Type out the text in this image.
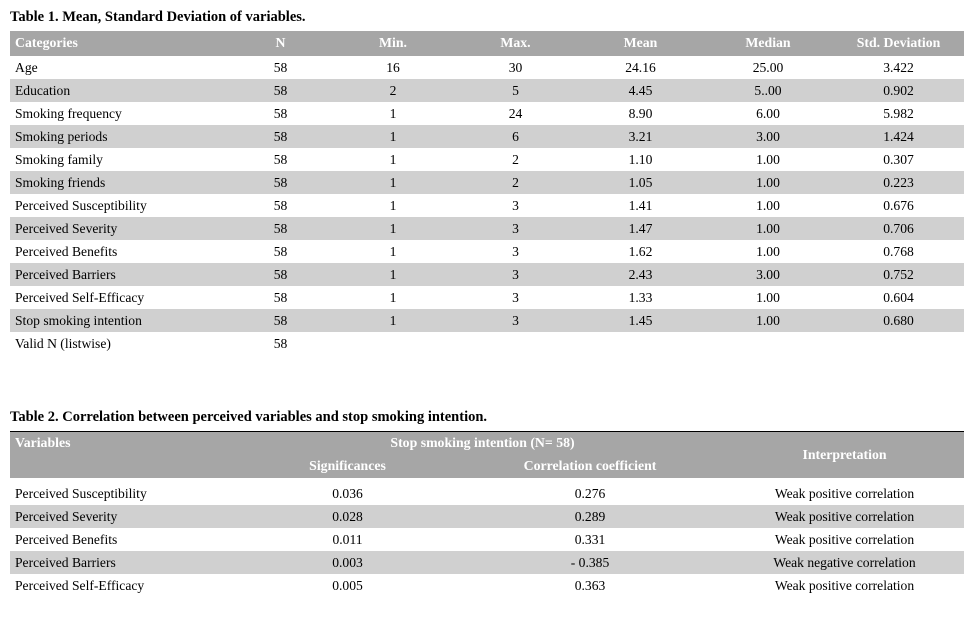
Table 1. Mean, Standard Deviation of variables.
Categories	N	Min.	Max.	Mean	Median	Std. Deviation
Age	58	16	30	24.16	25.00	3.422
Education	58	2	5	4.45	5..00	0.902
Smoking frequency	58	1	24	8.90	6.00	5.982
Smoking periods	58	1	6	3.21	3.00	1.424
Smoking family	58	1	2	1.10	1.00	0.307
Smoking friends	58	1	2	1.05	1.00	0.223
Perceived Susceptibility	58	1	3	1.41	1.00	0.676
Perceived Severity	58	1	3	1.47	1.00	0.706
Perceived Benefits	58	1	3	1.62	1.00	0.768
Perceived Barriers	58	1	3	2.43	3.00	0.752
Perceived Self-Efficacy	58	1	3	1.33	1.00	0.604
Stop smoking intention	58	1	3	1.45	1.00	0.680
Valid N (listwise)	58					
Table 2. Correlation between perceived variables and stop smoking intention.
Variables	Stop smoking intention (N= 58)		Interpretation
	Significances	Correlation coefficient	
Perceived Susceptibility	0.036	0.276	Weak positive correlation
Perceived Severity	0.028	0.289	Weak positive correlation
Perceived Benefits	0.011	0.331	Weak positive correlation
Perceived Barriers	0.003	- 0.385	Weak negative correlation
Perceived Self-Efficacy	0.005	0.363	Weak positive correlation
